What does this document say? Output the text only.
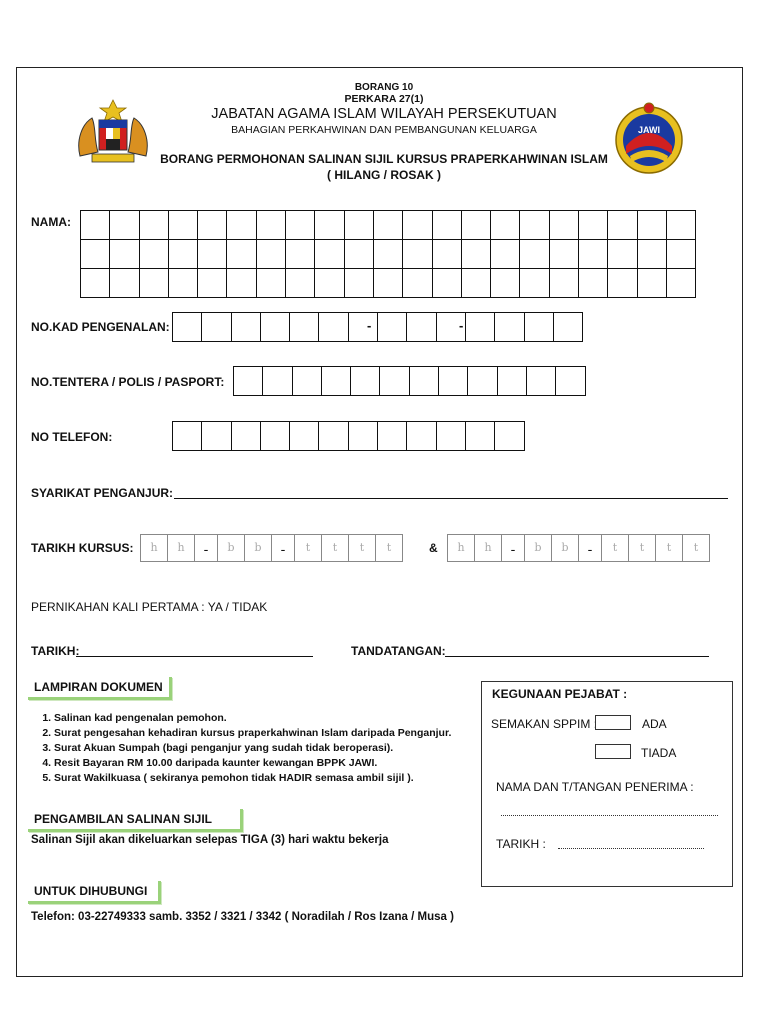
JAWI
BORANG 10
PERKARA 27(1)
JABATAN AGAMA ISLAM WILAYAH PERSEKUTUAN
BAHAGIAN PERKAHWINAN DAN PEMBANGUNAN KELUARGA
BORANG PERMOHONAN SALINAN SIJIL KURSUS PRAPERKAHWINAN ISLAM
( HILANG / ROSAK )
NAMA:
NO.KAD PENGENALAN:	-	-
NO.TENTERA / POLIS / PASPORT:
NO TELEFON:
SYARIKAT PENGANJUR:
TARIKH KURSUS:	h	h	-	b	b	-	t	t	t	t	&	h	h	-	b	b	-	t	t	t	t
PERNIKAHAN KALI PERTAMA : YA / TIDAK
TARIKH:	TANDATANGAN:
LAMPIRAN DOKUMEN
1. Salinan kad pengenalan pemohon.
2. Surat pengesahan kehadiran kursus praperkahwinan Islam daripada Penganjur.
3. Surat Akuan Sumpah (bagi penganjur yang sudah tidak beroperasi).
4. Resit Bayaran RM 10.00 daripada kaunter kewangan BPPK JAWI.
5. Surat Wakilkuasa ( sekiranya pemohon tidak HADIR semasa ambil sijil ).
PENGAMBILAN SALINAN SIJIL
Salinan Sijil akan dikeluarkan selepas TIGA (3) hari waktu bekerja
UNTUK DIHUBUNGI
Telefon: 03-22749333 samb. 3352 / 3321 / 3342 ( Noradilah / Ros Izana / Musa )
KEGUNAAN PEJABAT :
SEMAKAN SPPIM :	ADA
TIADA
NAMA DAN T/TANGAN PENERIMA :
TARIKH :
